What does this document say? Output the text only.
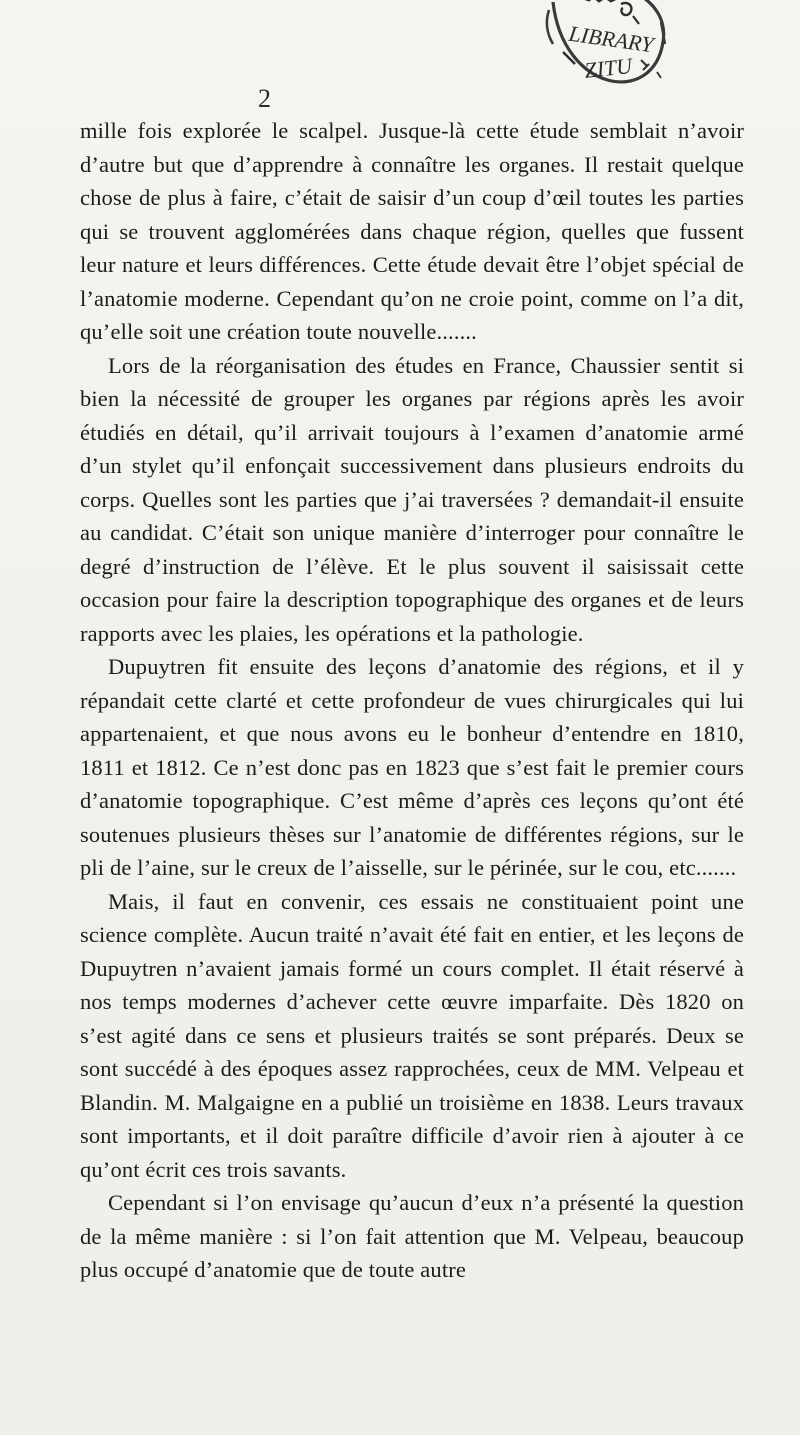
LIBRARY
ZITU
2

mille fois explorée le scalpel. Jusque-là cette étude semblait n’avoir d’autre but que d’apprendre à connaître les organes. Il restait quelque chose de plus à faire, c’était de saisir d’un coup d’œil toutes les parties qui se trouvent agglomérées dans chaque région, quelles que fussent leur nature et leurs différences. Cette étude devait être l’objet spécial de l’anatomie moderne. Cependant qu’on ne croie point, comme on l’a dit, qu’elle soit une création toute nouvelle.......

Lors de la réorganisation des études en France, Chaussier sentit si bien la nécessité de grouper les organes par régions après les avoir étudiés en détail, qu’il arrivait toujours à l’examen d’anatomie armé d’un stylet qu’il enfonçait successivement dans plusieurs endroits du corps. Quelles sont les parties que j’ai traversées ? demandait-il ensuite au candidat. C’était son unique manière d’interroger pour connaître le degré d’instruction de l’élève. Et le plus souvent il saisissait cette occasion pour faire la description topographique des organes et de leurs rapports avec les plaies, les opérations et la pathologie.

Dupuytren fit ensuite des leçons d’anatomie des régions, et il y répandait cette clarté et cette profondeur de vues chirurgicales qui lui appartenaient, et que nous avons eu le bonheur d’entendre en 1810, 1811 et 1812. Ce n’est donc pas en 1823 que s’est fait le premier cours d’anatomie topographique. C’est même d’après ces leçons qu’ont été soutenues plusieurs thèses sur l’anatomie de différentes régions, sur le pli de l’aine, sur le creux de l’aisselle, sur le périnée, sur le cou, etc.......

Mais, il faut en convenir, ces essais ne constituaient point une science complète. Aucun traité n’avait été fait en entier, et les leçons de Dupuytren n’avaient jamais formé un cours complet. Il était réservé à nos temps modernes d’achever cette œuvre imparfaite. Dès 1820 on s’est agité dans ce sens et plusieurs traités se sont préparés. Deux se sont succédé à des époques assez rapprochées, ceux de MM. Velpeau et Blandin. M. Malgaigne en a publié un troisième en 1838. Leurs travaux sont importants, et il doit paraître difficile d’avoir rien à ajouter à ce qu’ont écrit ces trois savants.

Cependant si l’on envisage qu’aucun d’eux n’a présenté la question de la même manière : si l’on fait attention que M. Velpeau, beaucoup plus occupé d’anatomie que de toute autre
